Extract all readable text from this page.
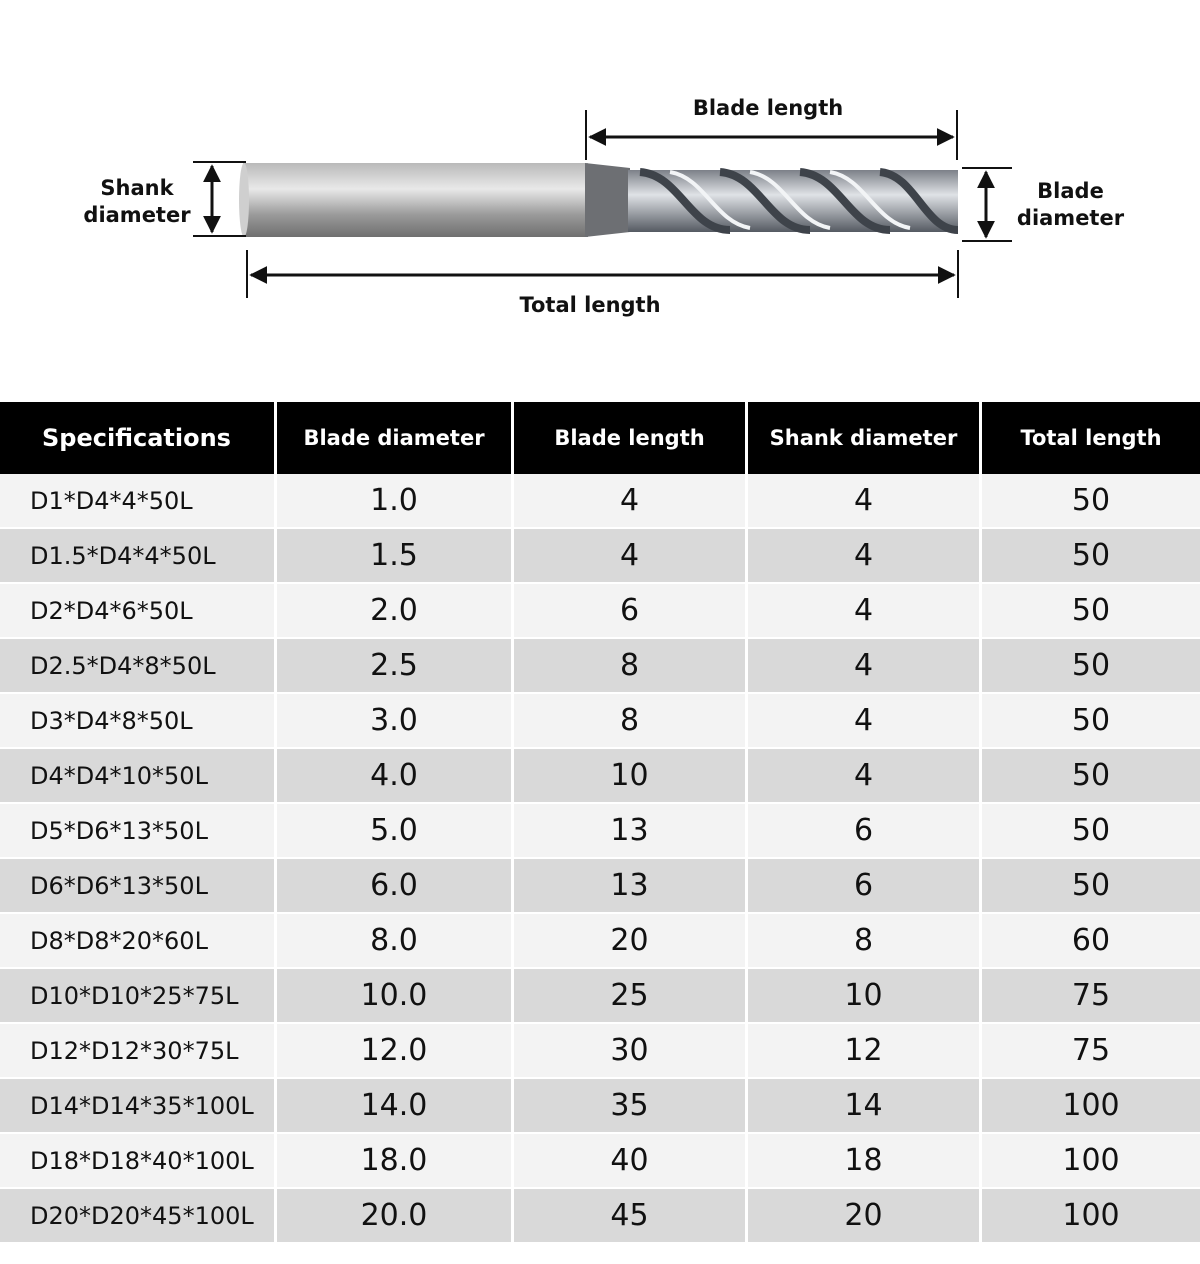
Blade length
Shank
diameter
Blade
diameter
Total length
Specifications	Blade diameter	Blade length	Shank diameter	Total length
D1*D4*4*50L	1.0	4	4	50
D1.5*D4*4*50L	1.5	4	4	50
D2*D4*6*50L	2.0	6	4	50
D2.5*D4*8*50L	2.5	8	4	50
D3*D4*8*50L	3.0	8	4	50
D4*D4*10*50L	4.0	10	4	50
D5*D6*13*50L	5.0	13	6	50
D6*D6*13*50L	6.0	13	6	50
D8*D8*20*60L	8.0	20	8	60
D10*D10*25*75L	10.0	25	10	75
D12*D12*30*75L	12.0	30	12	75
D14*D14*35*100L	14.0	35	14	100
D18*D18*40*100L	18.0	40	18	100
D20*D20*45*100L	20.0	45	20	100
